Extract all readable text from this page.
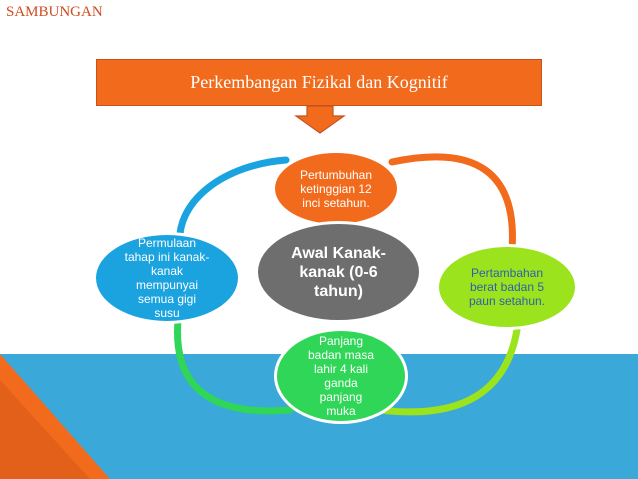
SAMBUNGAN
Perkembangan Fizikal dan Kognitif
Pertumbuhan
ketinggian 12
inci setahun.
Permulaan
tahap ini kanak-
kanak
mempunyai
semua gigi
susu
Pertambahan
berat badan 5
paun setahun.
Panjang
badan masa
lahir 4 kali
ganda
panjang
muka
Awal Kanak-
kanak (0-6
tahun)
